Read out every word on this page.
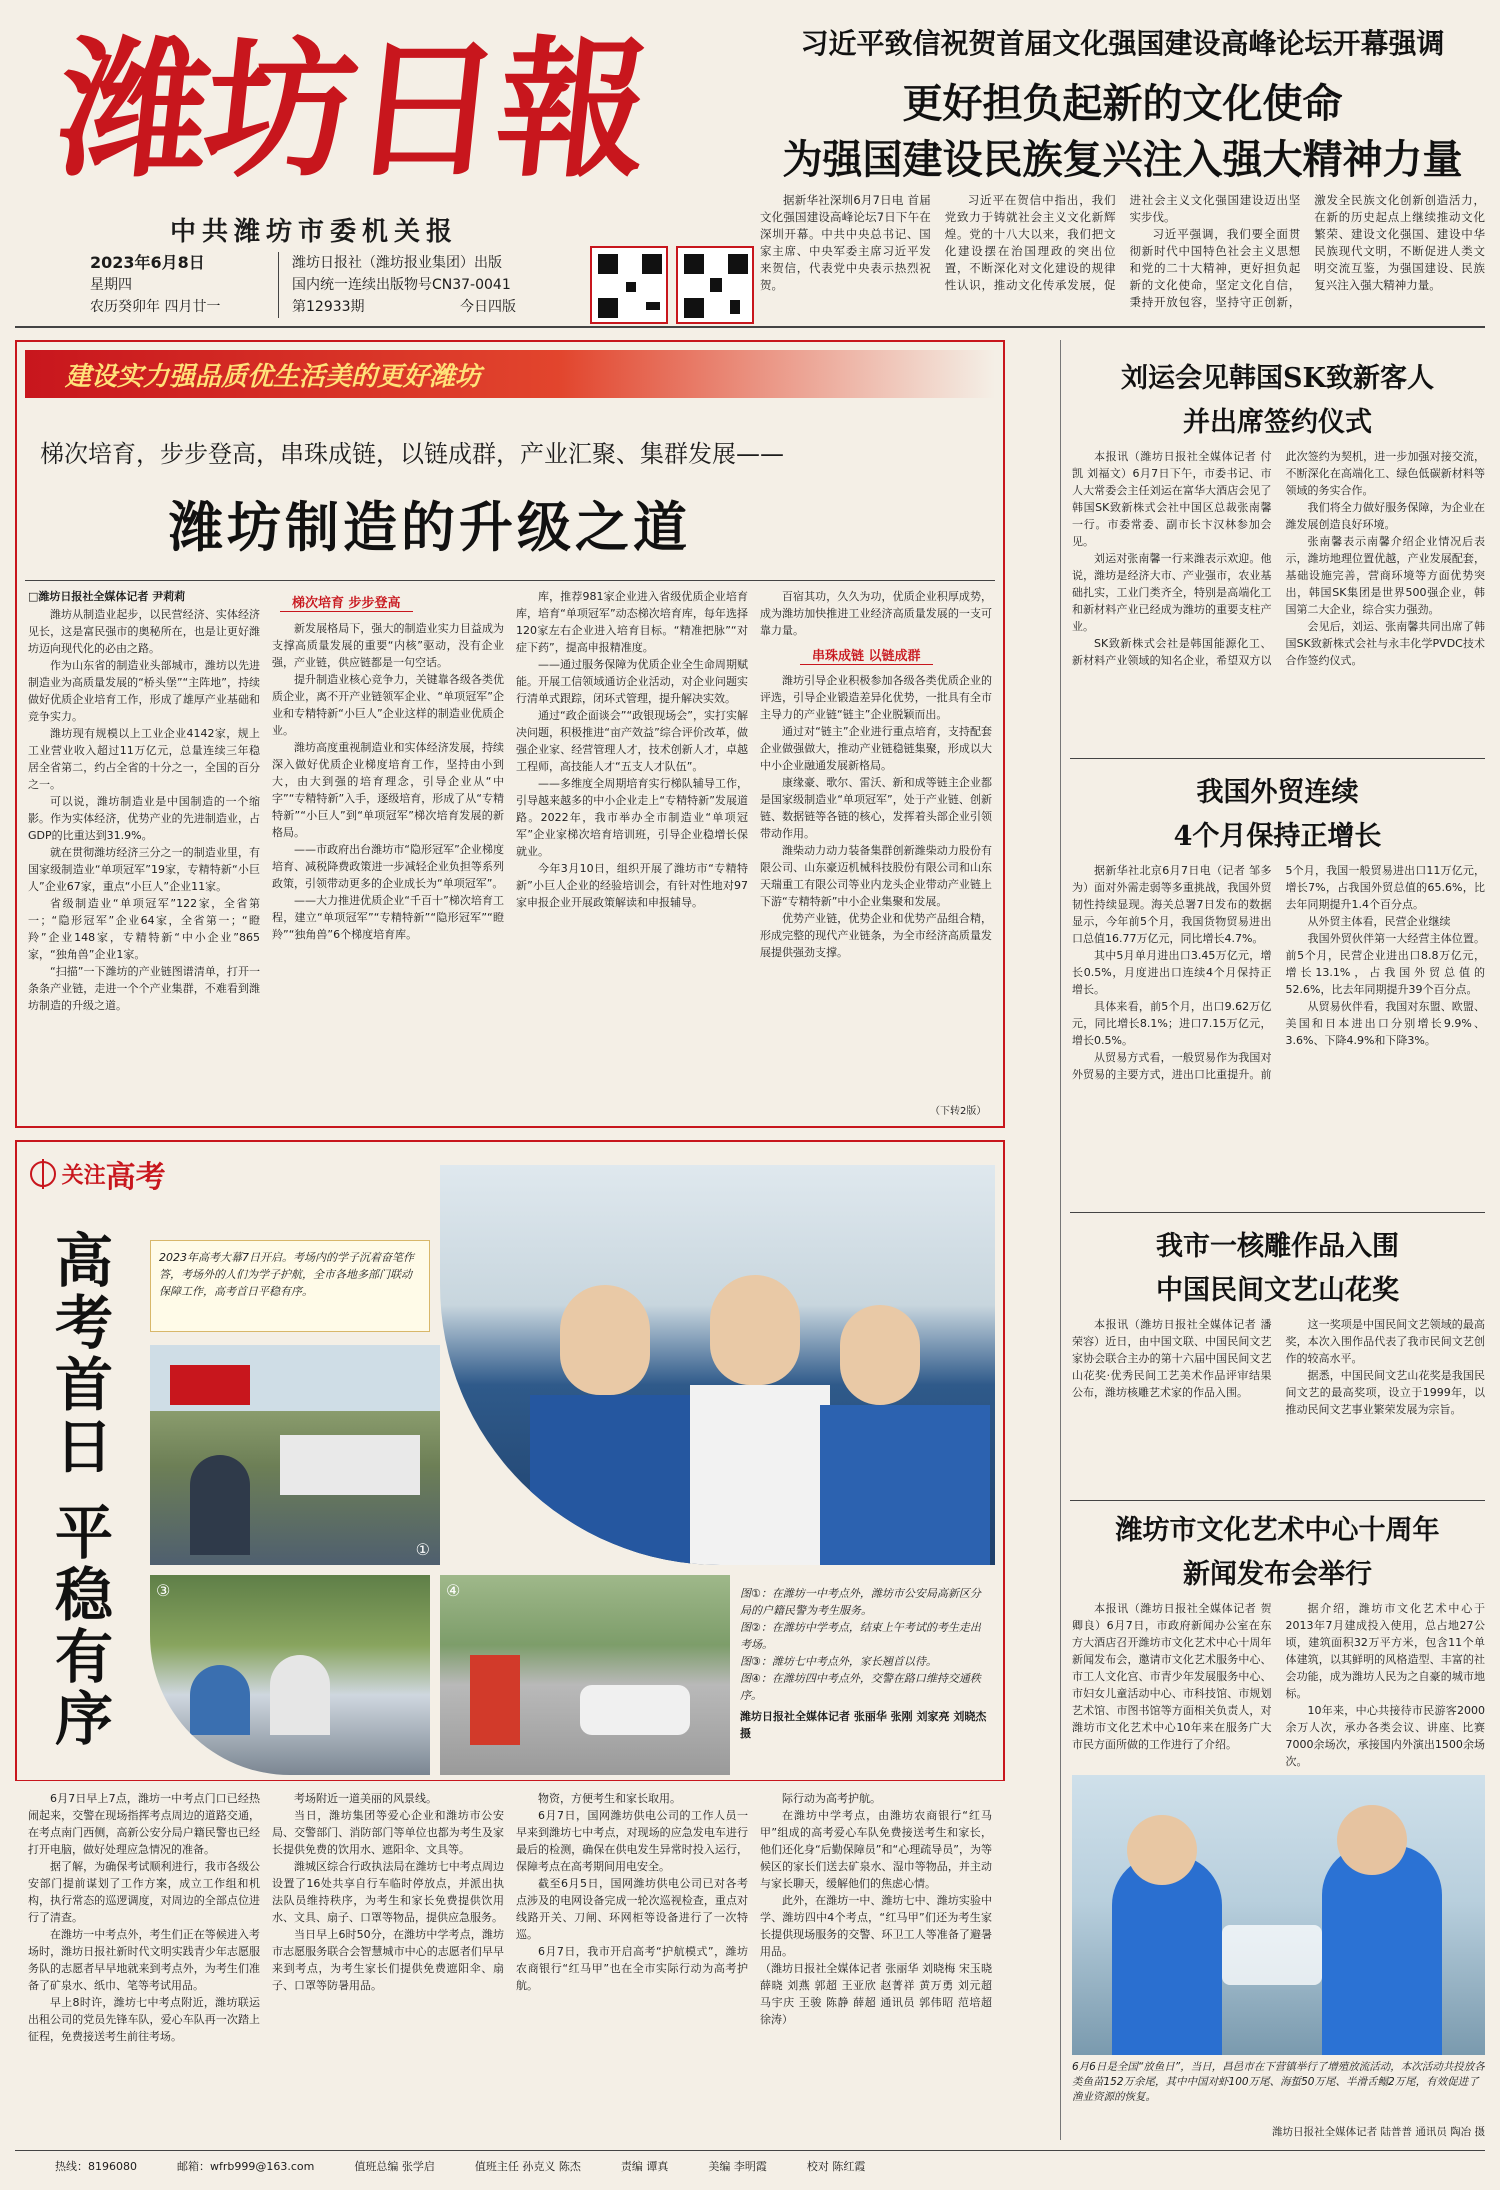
潍坊日報
中共潍坊市委机关报
2023年6月8日
星期四
农历癸卯年 四月廿一
潍坊日报社（潍坊报业集团）出版
国内统一连续出版物号CN37-0041
第12933期	今日四版
习近平致信祝贺首届文化强国建设高峰论坛开幕强调
更好担负起新的文化使命
为强国建设民族复兴注入强大精神力量

据新华社深圳6月7日电 首届文化强国建设高峰论坛7日下午在深圳开幕。中共中央总书记、国家主席、中央军委主席习近平发来贺信，代表党中央表示热烈祝贺。

习近平在贺信中指出，我们党致力于铸就社会主义文化新辉煌。党的十八大以来，我们把文化建设摆在治国理政的突出位置，不断深化对文化建设的规律性认识，推动文化传承发展，促进社会主义文化强国建设迈出坚实步伐。

习近平强调，我们要全面贯彻新时代中国特色社会主义思想和党的二十大精神，更好担负起新的文化使命，坚定文化自信，秉持开放包容，坚持守正创新，激发全民族文化创新创造活力，在新的历史起点上继续推动文化繁荣、建设文化强国、建设中华民族现代文明，不断促进人类文明交流互鉴，为强国建设、民族复兴注入强大精神力量。

建设实力强品质优生活美的更好潍坊
梯次培育，步步登高，串珠成链，以链成群，产业汇聚、集群发展——
潍坊制造的升级之道
□潍坊日报社全媒体记者 尹莉莉

潍坊从制造业起步，以民营经济、实体经济见长，这是富民强市的奥秘所在，也是让更好潍坊迈向现代化的必由之路。

作为山东省的制造业头部城市，潍坊以先进制造业为高质量发展的“桥头堡”“主阵地”，持续做好优质企业培育工作，形成了雄厚产业基础和竞争实力。

潍坊现有规模以上工业企业4142家，规上工业营业收入超过11万亿元，总量连续三年稳居全省第二，约占全省的十分之一，全国的百分之一。

可以说，潍坊制造业是中国制造的一个缩影。作为实体经济，优势产业的先进制造业，占GDP的比重达到31.9%。

就在贯彻潍坊经济三分之一的制造业里，有国家级制造业“单项冠军”19家，专精特新“小巨人”企业67家，重点“小巨人”企业11家。

省级制造业“单项冠军”122家，全省第一；“隐形冠军”企业64家，全省第一；“瞪羚”企业148家，专精特新“中小企业”865家，“独角兽”企业1家。

“扫描”一下潍坊的产业链图谱清单，打开一条条产业链，走进一个个产业集群，不难看到潍坊制造的升级之道。

梯次培育 步步登高

新发展格局下，强大的制造业实力目益成为支撑高质量发展的重要“内核”驱动，没有企业强，产业链，供应链都是一句空话。

提升制造业核心竞争力，关键靠各级各类优质企业，离不开产业链领军企业、“单项冠军”企业和专精特新“小巨人”企业这样的制造业优质企业。

潍坊高度重视制造业和实体经济发展，持续深入做好优质企业梯度培育工作，坚持由小到大，由大到强的培育理念，引导企业从“中字”“专精特新”入手，逐级培育，形成了从“专精特新”“小巨人”到“单项冠军”梯次培育发展的新格局。

——市政府出台潍坊市“隐形冠军”企业梯度培育、减税降费政策进一步减轻企业负担等系列政策，引领带动更多的企业成长为“单项冠军”。

——大力推进优质企业“千百十”梯次培育工程，建立“单项冠军”“专精特新”“隐形冠军”“瞪羚”“独角兽”6个梯度培育库。

库，推荐981家企业进入省级优质企业培育库，培育“单项冠军”动态梯次培育库，每年选择120家左右企业进入培育目标。“精准把脉”“对症下药”，提高申报精准度。

——通过服务保障为优质企业全生命周期赋能。开展工信领域通访企业活动，对企业问题实行清单式跟踪，闭环式管理，提升解决实效。

通过“政企面谈会”“政银现场会”，实打实解决问题，积极推进“亩产效益”综合评价改革，做强企业家、经营管理人才，技术创新人才，卓越工程师，高技能人才“五支人才队伍”。

——多维度全周期培育实行梯队辅导工作，引导越来越多的中小企业走上“专精特新”发展道路。2022年，我市举办全市制造业“单项冠军”企业家梯次培育培训班，引导企业稳增长保就业。

今年3月10日，组织开展了潍坊市“专精特新”小巨人企业的经验培训会，有针对性地对97家申报企业开展政策解读和申报辅导。

百宿其功，久久为功，优质企业积厚成势，成为潍坊加快推进工业经济高质量发展的一支可靠力量。

串珠成链 以链成群

潍坊引导企业积极参加各级各类优质企业的评选，引导企业锻造差异化优势，一批具有全市主导力的产业链“链主”企业脱颖而出。

通过对“链主”企业进行重点培育，支持配套企业做强做大，推动产业链稳链集聚，形成以大中小企业融通发展新格局。

康缘豪、歌尔、雷沃、新和成等链主企业都是国家级制造业“单项冠军”，处于产业链、创新链、数据链等各链的核心，发挥着头部企业引领带动作用。

潍柴动力动力装备集群创新潍柴动力股份有限公司、山东豪迈机械科技股份有限公司和山东天瑞重工有限公司等业内龙头企业带动产业链上下游“专精特新”中小企业集聚和发展。

优势产业链，优势企业和优势产品组合精，形成完整的现代产业链条，为全市经济高质量发展提供强劲支撑。

（下转2版）
关注高考
高考首日 平稳有序	2023年高考大幕7日开启。考场内的学子沉着奋笔作答，考场外的人们为学子护航，全市各地多部门联动保障工作，高考首日平稳有序。
① ②
③	④	图①：在潍坊一中考点外，潍坊市公安局高新区分局的户籍民警为考生服务。
图②：在潍坊中学考点，结束上午考试的考生走出考场。
图③：潍坊七中考点外，家长翘首以待。
图④：在潍坊四中考点外，交警在路口维持交通秩序。
潍坊日报社全媒体记者 张丽华 张刚 刘家亮 刘晓杰 摄

6月7日早上7点，潍坊一中考点门口已经热闹起来，交警在现场指挥考点周边的道路交通，在考点南门西侧，高新公安分局户籍民警也已经打开电脑，做好处理应急情况的准备。

据了解，为确保考试顺利进行，我市各级公安部门提前谋划了工作方案，成立工作组和机构，执行常态的巡逻调度，对周边的全部点位进行了清查。

在潍坊一中考点外，考生们正在等候进入考场时，潍坊日报社新时代文明实践青少年志愿服务队的志愿者早早地就来到考点外，为考生们准备了矿泉水、纸巾、笔等考试用品。

早上8时许，潍坊七中考点附近，潍坊联运出租公司的党员先锋车队，爱心车队再一次踏上征程，免费接送考生前往考场。

考场附近一道美丽的风景线。

当日，潍坊集团等爱心企业和潍坊市公安局、交警部门、消防部门等单位也都为考生及家长提供免费的饮用水、遮阳伞、文具等。

潍城区综合行政执法局在潍坊七中考点周边设置了16处共享自行车临时停放点，并派出执法队员维持秩序，为考生和家长免费提供饮用水、文具、扇子、口罩等物品，提供应急服务。

当日早上6时50分，在潍坊中学考点，潍坊市志愿服务联合会智慧城市中心的志愿者们早早来到考点，为考生家长们提供免费遮阳伞、扇子、口罩等防暑用品。

物资，方便考生和家长取用。

6月7日，国网潍坊供电公司的工作人员一早来到潍坊七中考点，对现场的应急发电车进行最后的检测，确保在供电发生异常时投入运行，保障考点在高考期间用电安全。

截至6月5日，国网潍坊供电公司已对各考点涉及的电网设备完成一轮次巡视检查，重点对线路开关、刀闸、环网柜等设备进行了一次特巡。

6月7日，我市开启高考“护航模式”，潍坊农商银行“红马甲”也在全市实际行动为高考护航。

际行动为高考护航。

在潍坊中学考点，由潍坊农商银行“红马甲”组成的高考爱心车队免费接送考生和家长，他们还化身“后勤保障员”和“心理疏导员”，为等候区的家长们送去矿泉水、湿巾等物品，并主动与家长聊天，缓解他们的焦虑心情。

此外，在潍坊一中、潍坊七中、潍坊实验中学、潍坊四中4个考点，“红马甲”们还为考生家长提供现场服务的交警、环卫工人等准备了避暑用品。

（潍坊日报社全媒体记者 张丽华 刘晓梅 宋玉晓 薛晓 刘燕 郭超 王亚欣 赵菁祥 黄万勇 刘元超 马宇庆 王骏 陈静 薛超 通讯员 郭伟昭 范培超 徐涛）

刘运会见韩国SK致新客人
并出席签约仪式

本报讯（潍坊日报社全媒体记者 付凯 刘福文）6月7日下午，市委书记、市人大常委会主任刘运在富华大酒店会见了韩国SK致新株式会社中国区总裁张南馨一行。市委常委、副市长卞汉林参加会见。

刘运对张南馨一行来潍表示欢迎。他说，潍坊是经济大市、产业强市，农业基础扎实，工业门类齐全，特别是高端化工和新材料产业已经成为潍坊的重要支柱产业。

SK致新株式会社是韩国能源化工、新材料产业领域的知名企业，希望双方以此次签约为契机，进一步加强对接交流，不断深化在高端化工、绿色低碳新材料等领域的务实合作。

我们将全力做好服务保障，为企业在潍发展创造良好环境。

张南馨表示南馨介绍企业情况后表示，潍坊地理位置优越，产业发展配套，基础设施完善，营商环境等方面优势突出，韩国SK集团是世界500强企业，韩国第二大企业，综合实力强劲。

会见后，刘运、张南馨共同出席了韩国SK致新株式会社与永丰化学PVDC技术合作签约仪式。

我国外贸连续
4个月保持正增长

据新华社北京6月7日电（记者 邹多为）面对外需走弱等多重挑战，我国外贸韧性持续显现。海关总署7日发布的数据显示，今年前5个月，我国货物贸易进出口总值16.77万亿元，同比增长4.7%。

其中5月单月进出口3.45万亿元，增长0.5%，月度进出口连续4个月保持正增长。

具体来看，前5个月，出口9.62万亿元，同比增长8.1%；进口7.15万亿元，增长0.5%。

从贸易方式看，一般贸易作为我国对外贸易的主要方式，进出口比重提升。前5个月，我国一般贸易进出口11万亿元，增长7%，占我国外贸总值的65.6%，比去年同期提升1.4个百分点。

从外贸主体看，民营企业继续

我国外贸伙伴第一大经营主体位置。前5个月，民营企业进出口8.8万亿元，增长13.1%，占我国外贸总值的52.6%，比去年同期提升39个百分点。

从贸易伙伴看，我国对东盟、欧盟、美国和日本进出口分别增长9.9%、3.6%、下降4.9%和下降3%。

我市一核雕作品入围
中国民间文艺山花奖

本报讯（潍坊日报社全媒体记者 潘荣容）近日，由中国文联、中国民间文艺家协会联合主办的第十六届中国民间文艺山花奖·优秀民间工艺美术作品评审结果公布，潍坊核雕艺术家的作品入围。

这一奖项是中国民间文艺领域的最高奖，本次入围作品代表了我市民间文艺创作的较高水平。

据悉，中国民间文艺山花奖是我国民间文艺的最高奖项，设立于1999年，以推动民间文艺事业繁荣发展为宗旨。

潍坊市文化艺术中心十周年
新闻发布会举行

本报讯（潍坊日报社全媒体记者 贺卿良）6月7日，市政府新闻办公室在东方大酒店召开潍坊市文化艺术中心十周年新闻发布会，邀请市文化艺术服务中心、市工人文化宫、市青少年发展服务中心、市妇女儿童活动中心、市科技馆、市规划艺术馆、市图书馆等方面相关负责人，对潍坊市文化艺术中心10年来在服务广大市民方面所做的工作进行了介绍。

据介绍，潍坊市文化艺术中心于2013年7月建成投入使用，总占地27公顷，建筑面积32万平方米，包含11个单体建筑，以其鲜明的风格造型、丰富的社会功能，成为潍坊人民为之自豪的城市地标。

10年来，中心共接待市民游客2000余万人次，承办各类会议、讲座、比赛7000余场次，承接国内外演出1500余场次。

6月6日是全国“放鱼日”，当日，昌邑市在下营镇举行了增殖放流活动，本次活动共投放各类鱼苗152万余尾，其中中国对虾100万尾、海蜇50万尾、半滑舌鳎2万尾，有效促进了渔业资源的恢复。
潍坊日报社全媒体记者 陆普普 通讯员 陶冶 摄
热线：8196080	邮箱：wfrb999@163.com	值班总编 张学启	值班主任 孙克义 陈杰	责编 谭真	美编 李明霞	校对 陈红霞
